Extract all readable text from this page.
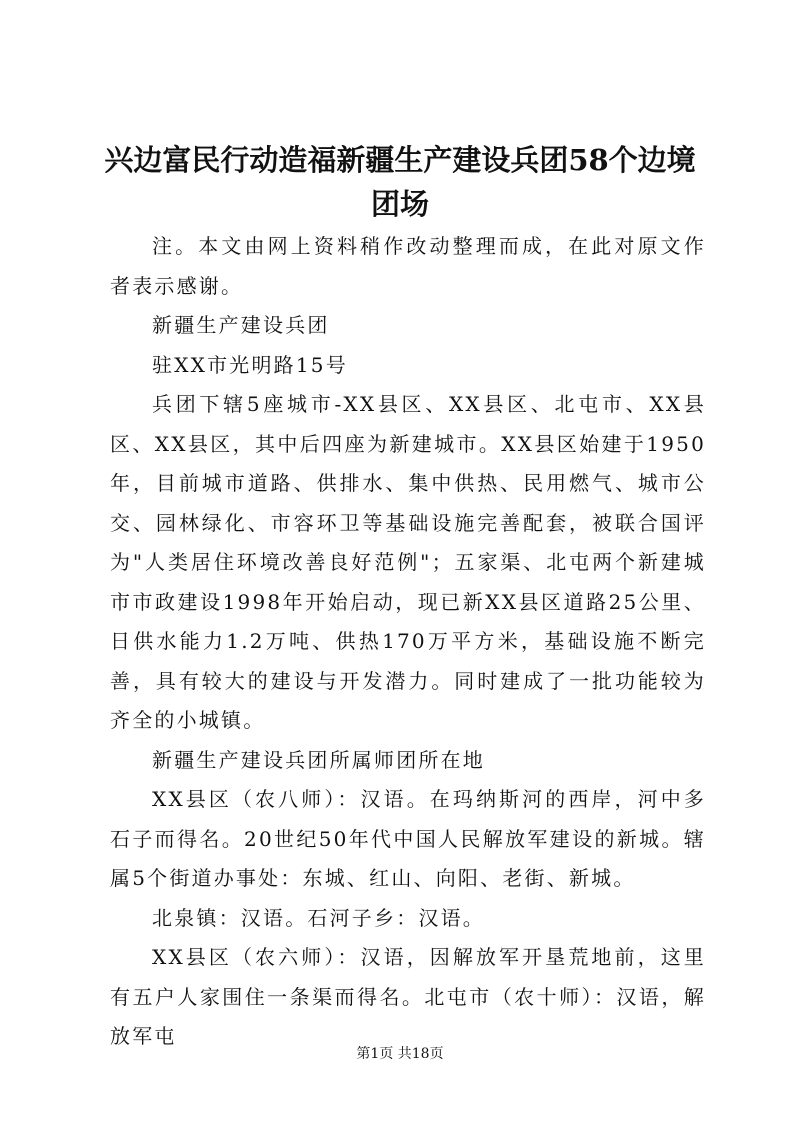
兴边富民行动造福新疆生产建设兵团58个边境团场

注。本文由网上资料稍作改动整理而成，在此对原文作者表示感谢。

新疆生产建设兵团

驻XX市光明路15号

兵团下辖5座城市-XX县区、XX县区、北屯市、XX县区、XX县区，其中后四座为新建城市。XX县区始建于1950年，目前城市道路、供排水、集中供热、民用燃气、城市公交、园林绿化、市容环卫等基础设施完善配套，被联合国评为"人类居住环境改善良好范例"；五家渠、北屯两个新建城市市政建设1998年开始启动，现已新XX县区道路25公里、日供水能力1.2万吨、供热170万平方米，基础设施不断完善，具有较大的建设与开发潜力。同时建成了一批功能较为齐全的小城镇。

新疆生产建设兵团所属师团所在地

XX县区（农八师）：汉语。在玛纳斯河的西岸，河中多石子而得名。20世纪50年代中国人民解放军建设的新城。辖属5个街道办事处：东城、红山、向阳、老街、新城。

北泉镇：汉语。石河子乡：汉语。

XX县区（农六师）：汉语，因解放军开垦荒地前，这里有五户人家围住一条渠而得名。北屯市（农十师）：汉语，解放军屯

第1页 共18页
